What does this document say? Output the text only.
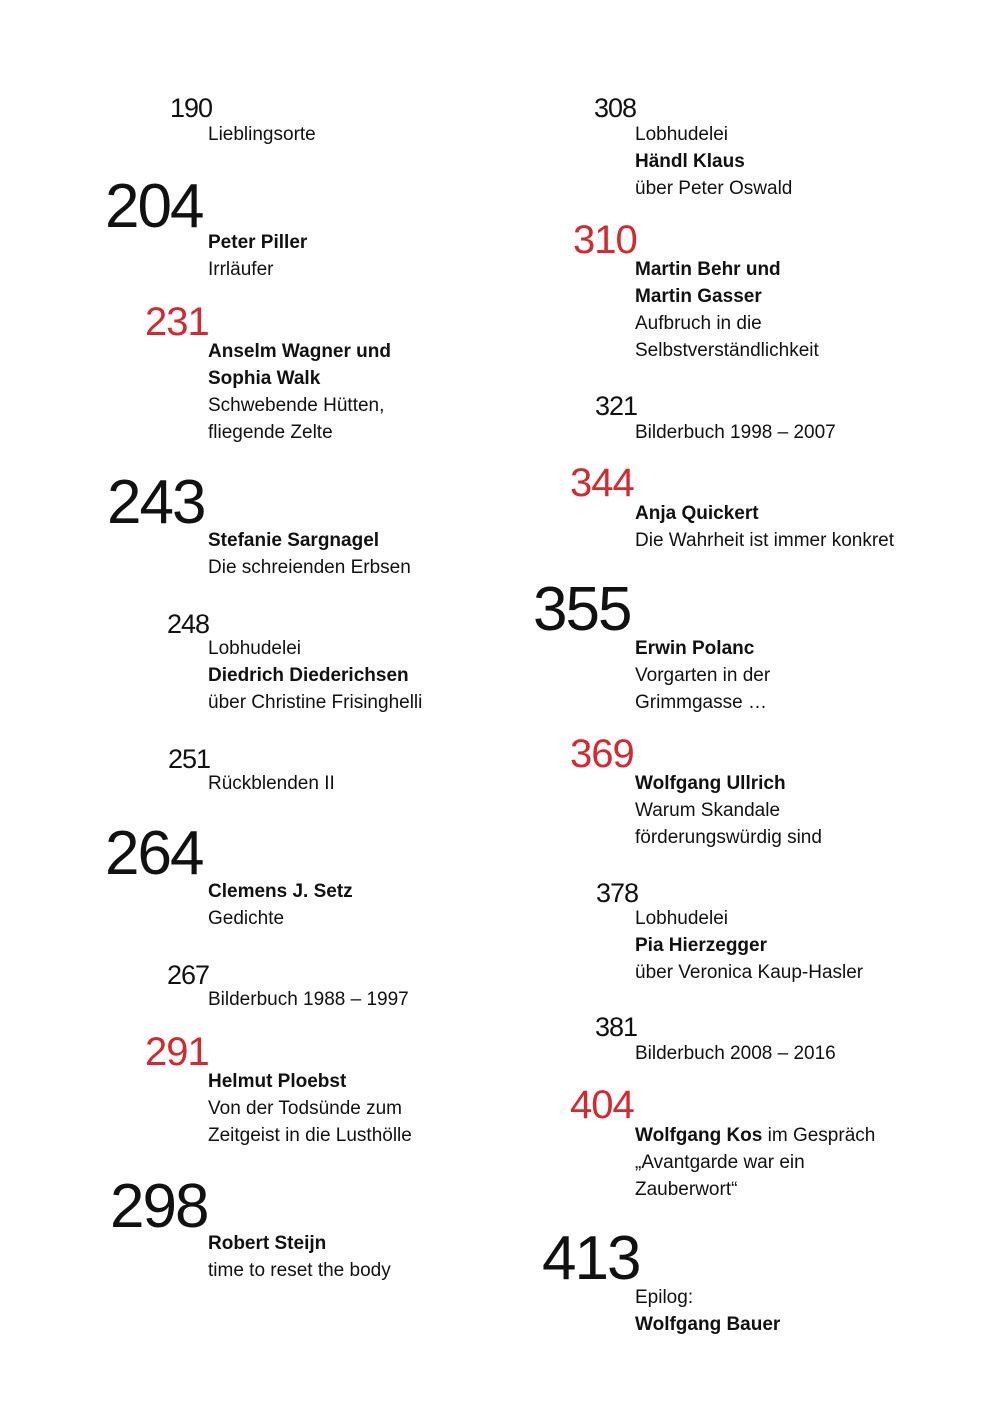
190
Lieblingsorte
204
Peter Piller
Irrläufer
231
Anselm Wagner und
Sophia Walk
Schwebende Hütten,
fliegende Zelte
243
Stefanie Sargnagel
Die schreienden Erbsen
248
Lobhudelei
Diedrich Diederichsen
über Christine Frisinghelli
251
Rückblenden II
264
Clemens J. Setz
Gedichte
267
Bilderbuch 1988 – 1997
291
Helmut Ploebst
Von der Todsünde zum
Zeitgeist in die Lusthölle
298
Robert Steijn
time to reset the body
308
Lobhudelei
Händl Klaus
über Peter Oswald
310
Martin Behr und
Martin Gasser
Aufbruch in die
Selbstverständlichkeit
321
Bilderbuch 1998 – 2007
344
Anja Quickert
Die Wahrheit ist immer konkret
355
Erwin Polanc
Vorgarten in der
Grimmgasse …
369
Wolfgang Ullrich
Warum Skandale
förderungswürdig sind
378
Lobhudelei
Pia Hierzegger
über Veronica Kaup-Hasler
381
Bilderbuch 2008 – 2016
404
Wolfgang Kos im Gespräch
„Avantgarde war ein
Zauberwort“
413
Epilog:
Wolfgang Bauer
